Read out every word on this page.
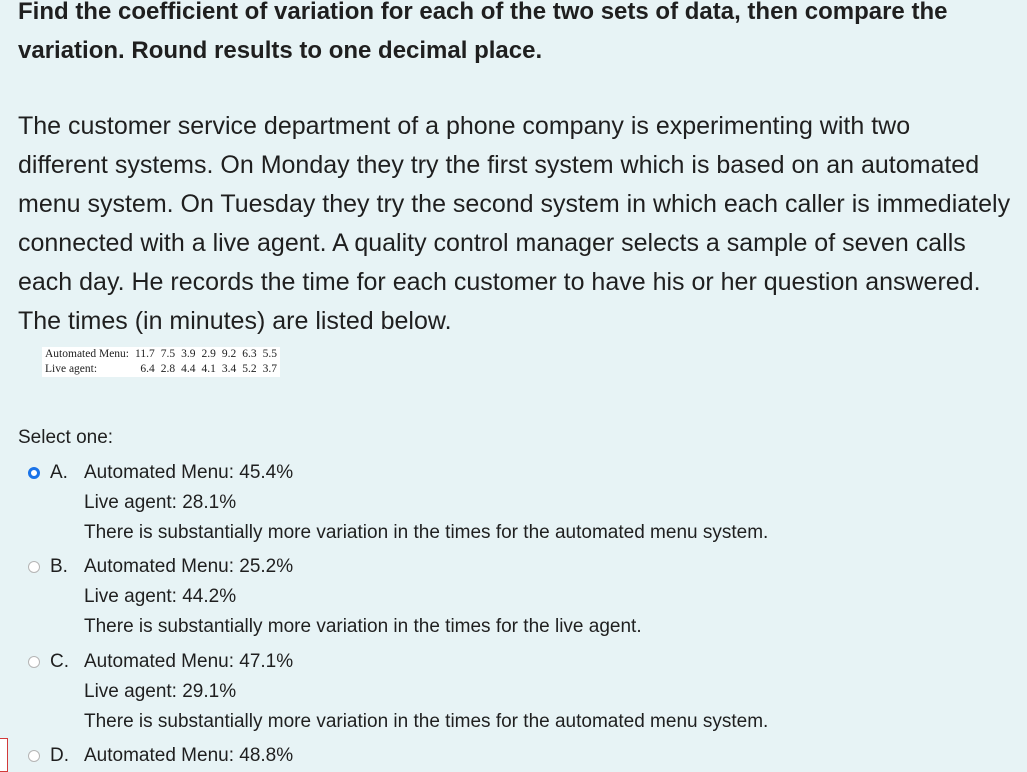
Find the coefficient of variation for each of the two sets of data, then compare the
variation. Round results to one decimal place.
The customer service department of a phone company is experimenting with two
different systems. On Monday they try the first system which is based on an automated
menu system. On Tuesday they try the second system in which each caller is immediately
connected with a live agent. A quality control manager selects a sample of seven calls
each day. He records the time for each customer to have his or her question answered.
The times (in minutes) are listed below.
Automated Menu:	11.7	7.5	3.9	2.9	9.2	6.3	5.5
Live agent:	6.4	2.8	4.4	4.1	3.4	5.2	3.7
Select one:
A. Automated Menu: 45.4%
Live agent: 28.1%
There is substantially more variation in the times for the automated menu system.
B. Automated Menu: 25.2%
Live agent: 44.2%
There is substantially more variation in the times for the live agent.
C. Automated Menu: 47.1%
Live agent: 29.1%
There is substantially more variation in the times for the automated menu system.
D. Automated Menu: 48.8%
